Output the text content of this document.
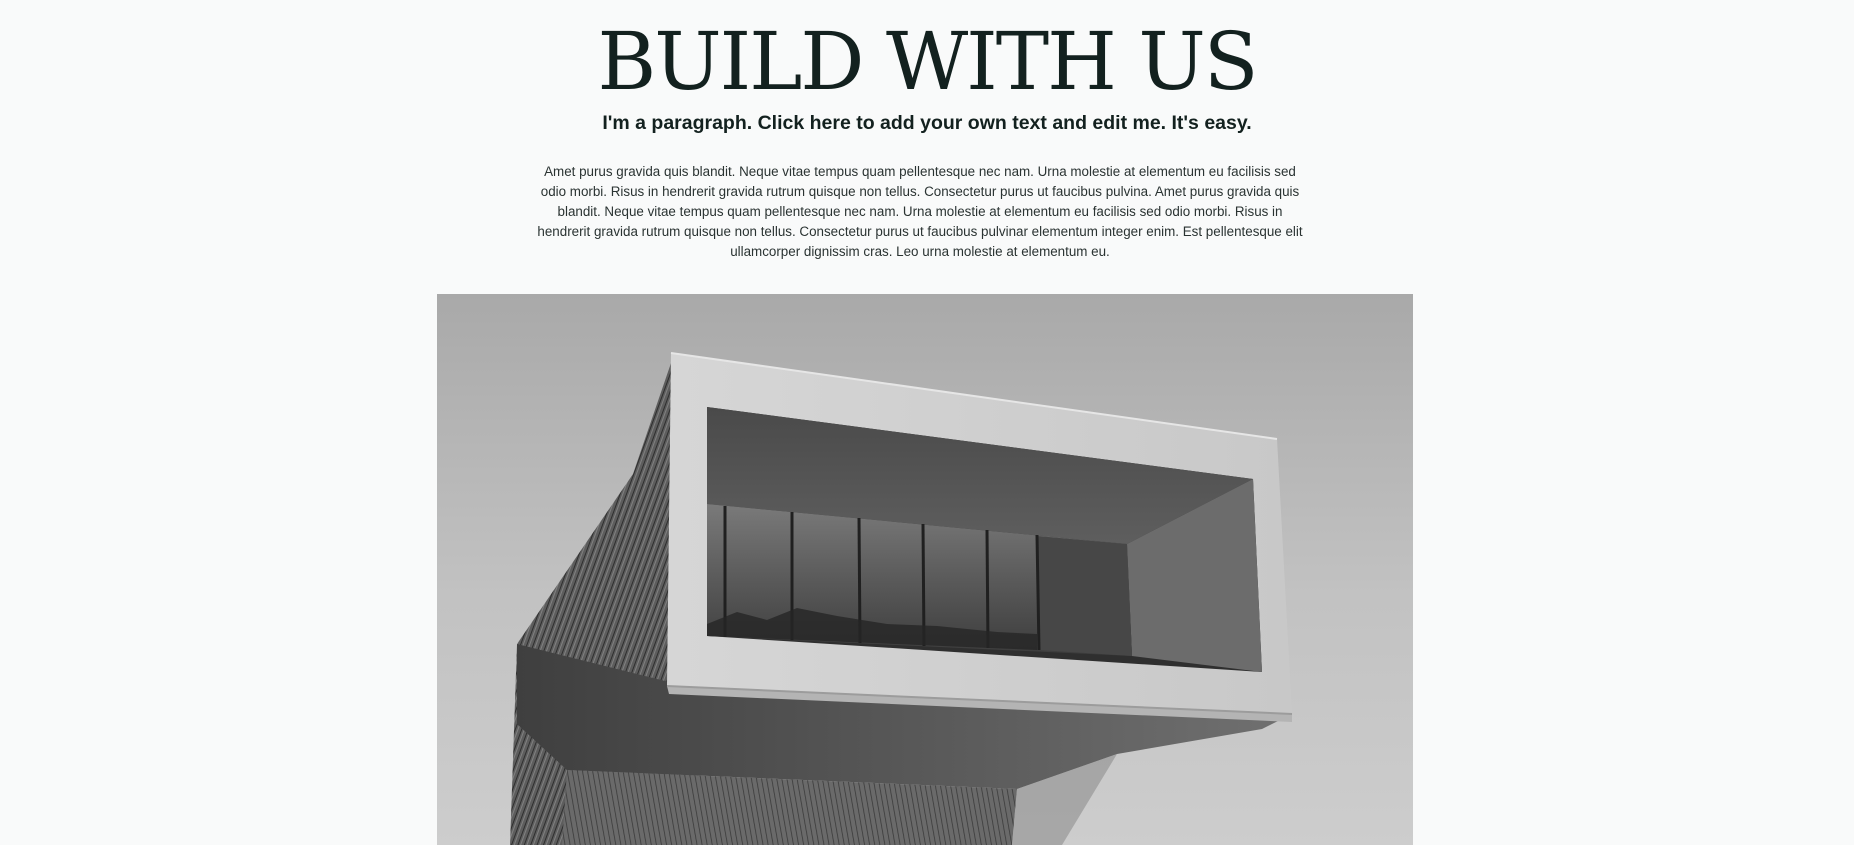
BUILD WITH US

I'm a paragraph. Click here to add your own text and edit me. It's easy.

Amet purus gravida quis blandit. Neque vitae tempus quam pellentesque nec nam. Urna molestie at elementum eu facilisis sed odio morbi. Risus in hendrerit gravida rutrum quisque non tellus. Consectetur purus ut faucibus pulvina. Amet purus gravida quis blandit. Neque vitae tempus quam pellentesque nec nam. Urna molestie at elementum eu facilisis sed odio morbi. Risus in hendrerit gravida rutrum quisque non tellus. Consectetur purus ut faucibus pulvinar elementum integer enim. Est pellentesque elit ullamcorper dignissim cras. Leo urna molestie at elementum eu.
